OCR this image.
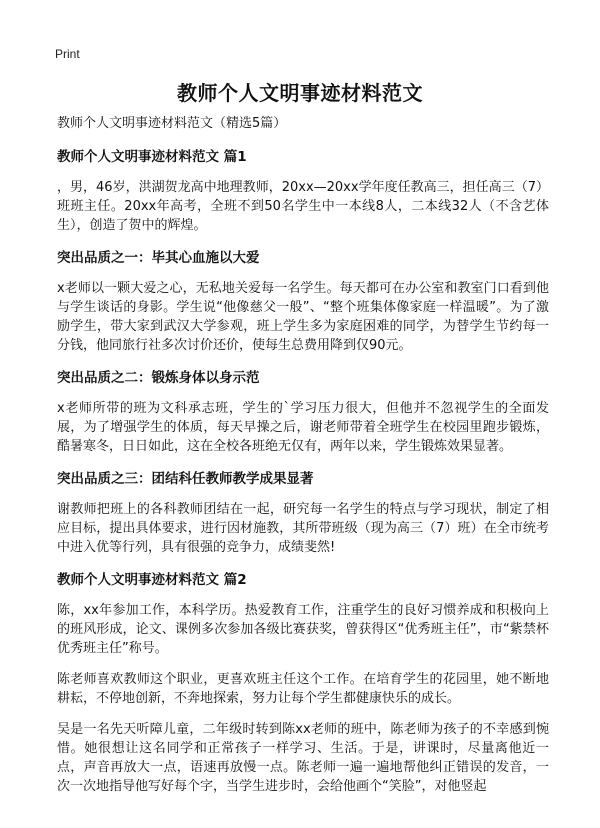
Print
教师个人文明事迹材料范文

教师个人文明事迹材料范文（精选5篇）

教师个人文明事迹材料范文 篇1

，男，46岁，洪湖贺龙高中地理教师，20xx—20xx学年度任教高三，担任高三（7）班班主任。20xx年高考，全班不到50名学生中一本线8人，二本线32人（不含艺体生），创造了贺中的辉煌。

突出品质之一：毕其心血施以大爱

x老师以一颗大爱之心，无私地关爱每一名学生。每天都可在办公室和教室门口看到他与学生谈话的身影。学生说“他像慈父一般”、“整个班集体像家庭一样温暖”。为了激励学生，带大家到武汉大学参观，班上学生多为家庭困难的同学，为替学生节约每一分钱，他同旅行社多次讨价还价，使每生总费用降到仅90元。

突出品质之二：锻炼身体以身示范

x老师所带的班为文科承志班，学生的`学习压力很大，但他并不忽视学生的全面发展，为了增强学生的体质，每天早操之后，谢老师带着全班学生在校园里跑步锻炼，酷暑寒冬，日日如此，这在全校各班绝无仅有，两年以来，学生锻炼效果显著。

突出品质之三：团结科任教师教学成果显著

谢教师把班上的各科教师团结在一起，研究每一名学生的特点与学习现状，制定了相应目标，提出具体要求，进行因材施教，其所带班级（现为高三（7）班）在全市统考中进入优等行列，具有很强的竞争力，成绩斐然!

教师个人文明事迹材料范文 篇2

陈，xx年参加工作，本科学历。热爱教育工作，注重学生的良好习惯养成和积极向上的班风形成，论文、课例多次参加各级比赛获奖，曾获得区“优秀班主任”，市“紫禁杯优秀班主任”称号。

陈老师喜欢教师这个职业，更喜欢班主任这个工作。在培育学生的花园里，她不断地耕耘，不停地创新，不奔地探索，努力让每个学生都健康快乐的成长。

吴是一名先天听障儿童，二年级时转到陈xx老师的班中，陈老师为孩子的不幸感到惋惜。她很想让这名同学和正常孩子一样学习、生活。于是，讲课时，尽量离他近一点，声音再放大一点，语速再放慢一点。陈老师一遍一遍地帮他纠正错误的发音，一次一次地指导他写好每个字，当学生进步时，会给他画个“笑脸”，对他竖起
